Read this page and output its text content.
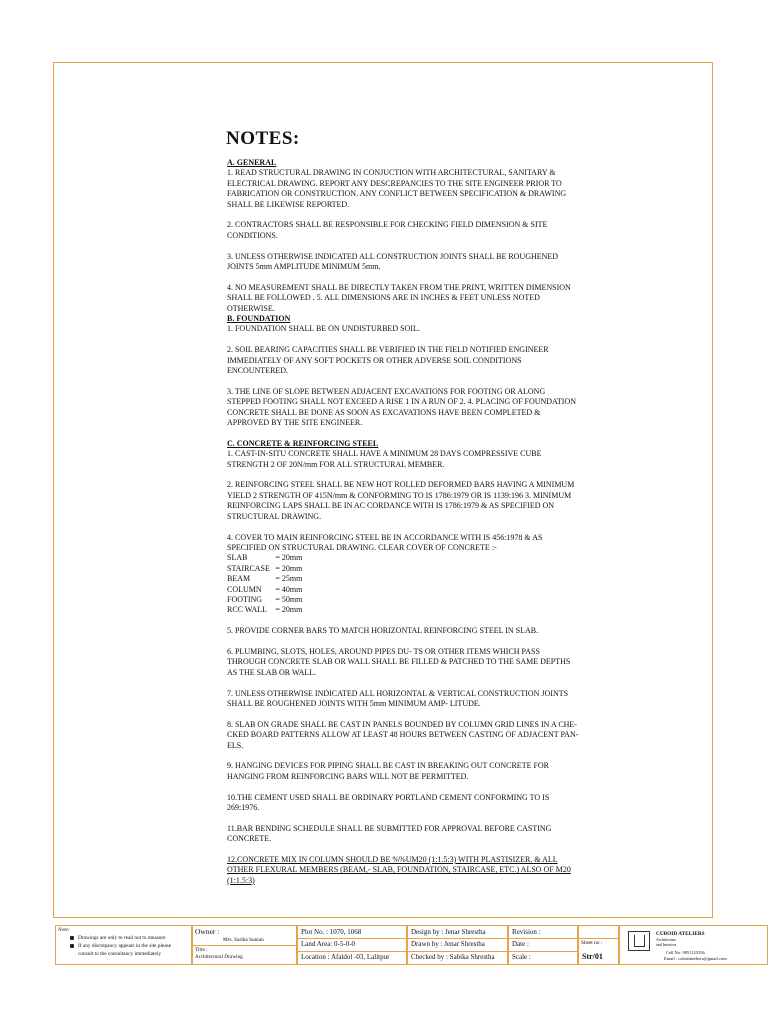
NOTES:

A. GENERAL

1. READ STRUCTURAL DRAWING IN CONJUCTION WITH ARCHITECTURAL, SANITARY & ELECTRICAL DRAWING. REPORT ANY DESCREPANCIES TO THE SITE ENGINEER PRIOR TO FABRICATION OR CONSTRUCTION. ANY CONFLICT BETWEEN SPECIFICATION & DRAWING SHALL BE LIKEWISE REPORTED.

2. CONTRACTORS SHALL BE RESPONSIBLE FOR CHECKING FIELD DIMENSION & SITE CONDITIONS.

3. UNLESS OTHERWISE INDICATED ALL CONSTRUCTION JOINTS SHALL BE ROUGHENED JOINTS 5mm AMPLITUDE MINIMUM 5mm.

4. NO MEASUREMENT SHALL BE DIRECTLY TAKEN FROM THE PRINT, WRITTEN DIMENSION SHALL BE FOLLOWED . 5. ALL DIMENSIONS ARE IN INCHES & FEET UNLESS NOTED OTHERWISE.

B. FOUNDATION

1. FOUNDATION SHALL BE ON UNDISTURBED SOIL.

2. SOIL BEARING CAPACITIES SHALL BE VERIFIED IN THE FIELD NOTIFIED ENGINEER IMMEDIATELY OF ANY SOFT POCKETS OR OTHER ADVERSE SOIL CONDITIONS ENCOUNTERED.

3. THE LINE OF SLOPE BETWEEN ADJACENT EXCAVATIONS FOR FOOTING OR ALONG STEPPED FOOTING SHALL NOT EXCEED A RISE 1 IN A RUN OF 2. 4. PLACING OF FOUNDATION CONCRETE SHALL BE DONE AS SOON AS EXCAVATIONS HAVE BEEN COMPLETED & APPROVED BY THE SITE ENGINEER.

C. CONCRETE & REINFORCING STEEL

1. CAST-IN-SITU CONCRETE SHALL HAVE A MINIMUM 28 DAYS COMPRESSIVE CUBE STRENGTH 2 OF 20N/mm FOR ALL STRUCTURAL MEMBER.

2. REINFORCING STEEL SHALL BE NEW HOT ROLLED DEFORMED BARS HAVING A MINIMUM YIELD 2 STRENGTH OF 415N/mm & CONFORMING TO IS 1786:1979 OR IS 1139:196 3. MINIMUM REINFORCING LAPS SHALL BE IN AC CORDANCE WITH IS 1786:1979 & AS SPECIFIED ON STRUCTURAL DRAWING.

4. COVER TO MAIN REINFORCING STEEL BE IN ACCORDANCE WITH IS 456:1978 & AS SPECIFIED ON STRUCTURAL DRAWING. CLEAR COVER OF CONCRETE :-

SLAB	= 20mm
STAIRCASE = 20mm
BEAM	= 25mm
COLUMN	= 40mm
FOOTING	= 50mm
RCC WALL = 20mm

5. PROVIDE CORNER BARS TO MATCH HORIZONTAL REINFORCING STEEL IN SLAB.

6. PLUMBING, SLOTS, HOLES, AROUND PIPES DU- TS OR OTHER ITEMS WHICH PASS THROUGH CONCRETE SLAB OR WALL SHALL BE FILLED & PATCHED TO THE SAME DEPTHS AS THE SLAB OR WALL.

7. UNLESS OTHERWISE INDICATED ALL HORIZONTAL & VERTICAL CONSTRUCTION JOINTS SHALL BE ROUGHENED JOINTS WITH 5mm MINIMUM AMP- LITUDE.

8. SLAB ON GRADE SHALL BE CAST IN PANELS BOUNDED BY COLUMN GRID LINES IN A CHE-CKED BOARD PATTERNS ALLOW AT LEAST 48 HOURS BETWEEN CASTING OF ADJACENT PAN-ELS.

9. HANGING DEVICES FOR PIPING SHALL BE CAST IN BREAKING OUT CONCRETE FOR HANGING FROM REINFORCING BARS WILL NOT BE PERMITTED.

10.THE CEMENT USED SHALL BE ORDINARY PORTLAND CEMENT CONFORMING TO IS 269:1976.

11.BAR BENDING SCHEDULE SHALL BE SUBMITTED FOR APPROVAL BEFORE CASTING CONCRETE.

12.CONCRETE MIX IN COLUMN SHOULD BE %%UM20 (1:1.5:3) WITH PLASTISIZER. & ALL OTHER FLEXURAL MEMBERS (BEAM,- SLAB, FOUNDATION, STAIRCASE, ETC.) ALSO OF M20 (1:1.5:3)

Note:
Drawings are only to read not to measure
If any discrepancy appears in the site please
consult to the consultancy immediately
Owner :
Mrs. Sarika Sunian
Title :
Architectural Drawing
Plot No. : 1070, 1068
Land Area: 0-5-0-0
Location : Afaldol -03, Lalitpur
Design by : Jenar Shrestha
Drawn by : Jenar Shrestha
Checked by : Sabika Shrestha
Revision :
Date :
Scale :
Sheet no :
Str/01
CUBOID ATELIERS
Architecture
and Interiors
Cell No. 9851125356
Email : cuboidateliers@gmail.com
